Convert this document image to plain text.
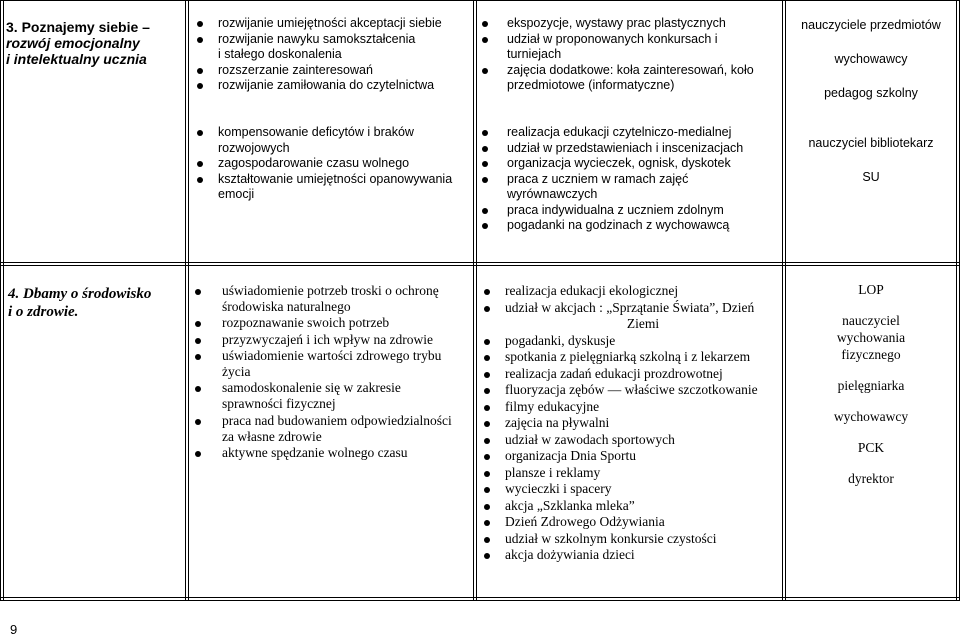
3. Poznajemy siebie –
rozwój emocjonalny
i intelektualny ucznia
rozwijanie umiejętności akceptacji siebie
rozwijanie nawyku samokształcenia
i stałego doskonalenia
rozszerzanie zainteresowań
rozwijanie zamiłowania do czytelnictwa
ekspozycje, wystawy prac plastycznych
udział w proponowanych konkursach i
turniejach
zajęcia dodatkowe: koła zainteresowań, koło
przedmiotowe (informatyczne)
nauczyciele przedmiotów
wychowawcy
pedagog szkolny
kompensowanie deficytów i braków
rozwojowych
zagospodarowanie czasu wolnego
kształtowanie umiejętności opanowywania
emocji
realizacja edukacji czytelniczo-medialnej
udział w przedstawieniach i inscenizacjach
organizacja wycieczek, ognisk, dyskotek
praca z uczniem w ramach zajęć
wyrównawczych
praca indywidualna z uczniem zdolnym
pogadanki na godzinach z wychowawcą
nauczyciel bibliotekarz
SU
4. Dbamy o środowisko
i o zdrowie.
uświadomienie potrzeb troski o ochronę
środowiska naturalnego
rozpoznawanie swoich potrzeb
przyzwyczajeń i ich wpływ na zdrowie
uświadomienie wartości zdrowego trybu
życia
samodoskonalenie się w zakresie
sprawności fizycznej
praca nad budowaniem odpowiedzialności
za własne zdrowie
aktywne spędzanie wolnego czasu
realizacja edukacji ekologicznej
udział w akcjach : „Sprzątanie Świata”, Dzień
Ziemi
pogadanki, dyskusje
spotkania z pielęgniarką szkolną i z lekarzem
realizacja zadań edukacji prozdrowotnej
fluoryzacja zębów — właściwe szczotkowanie
filmy edukacyjne
zajęcia na pływalni
udział w zawodach sportowych
organizacja Dnia Sportu
plansze i reklamy
wycieczki i spacery
akcja „Szklanka mleka”
Dzień Zdrowego Odżywiania
udział w szkolnym konkursie czystości
akcja dożywiania dzieci
LOP
nauczyciel
wychowania
fizycznego
pielęgniarka
wychowawcy
PCK
dyrektor
9
